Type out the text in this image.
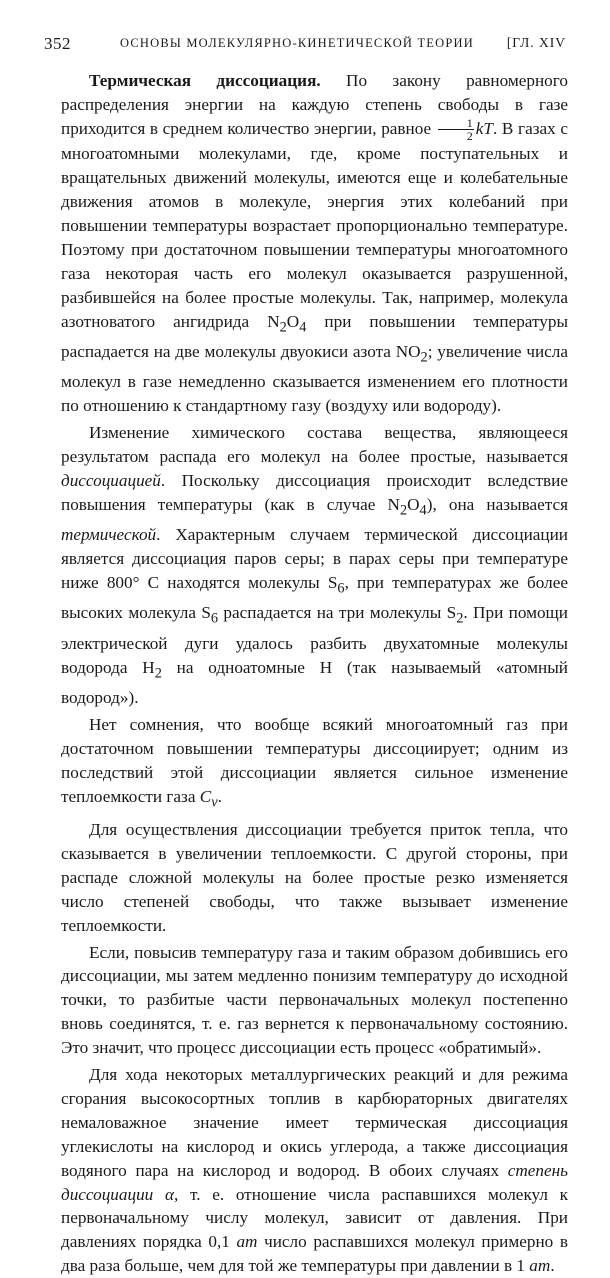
352	ОСНОВЫ МОЛЕКУЛЯРНО-КИНЕТИЧЕСКОЙ ТЕОРИИ [ГЛ. XIV

Термическая диссоциация. По закону равномерного распределения энергии на каждую степень свободы в газе приходится в среднем количество энергии, равное $\frac{1}{2}$ kT. В газах с многоатомными молекулами, где, кроме поступательных и вращательных движений молекулы, имеются еще и колебательные движения атомов в молекуле, энергия этих колебаний при повышении температуры возрастает пропорционально температуре. Поэтому при достаточном повышении температуры многоатомного газа некоторая часть его молекул оказывается разрушенной, разбившейся на более простые молекулы. Так, например, молекула азотноватого ангидрида $N_2O_4$ при повышении температуры распадается на две молекулы двуокиси азота $NO_2$; увеличение числа молекул в газе немедленно сказывается изменением его плотности по отношению к стандартному газу (воздуху или водороду).

Изменение химического состава вещества, являющееся результатом распада его молекул на более простые, называется диссоциацией. Поскольку диссоциация происходит вследствие повышения температуры (как в случае $N_2O_4$), она называется термической. Характерным случаем термической диссоциации является диссоциация паров серы; в парах серы при температуре ниже 800° С находятся молекулы $S_6$, при температурах же более высоких молекула $S_6$ распадается на три молекулы $S_2$. При помощи электрической дуги удалось разбить двухатомные молекулы водорода $H_2$ на одноатомные H (так называемый «атомный водород»).

Нет сомнения, что вообще всякий многоатомный газ при достаточном повышении температуры диссоциирует; одним из последствий этой диссоциации является сильное изменение теплоемкости газа $C_v$.

Для осуществления диссоциации требуется приток тепла, что сказывается в увеличении теплоемкости. С другой стороны, при распаде сложной молекулы на более простые резко изменяется число степеней свободы, что также вызывает изменение теплоемкости.

Если, повысив температуру газа и таким образом добившись его диссоциации, мы затем медленно понизим температуру до исходной точки, то разбитые части первоначальных молекул постепенно вновь соединятся, т. е. газ вернется к первоначальному состоянию. Это значит, что процесс диссоциации есть процесс «обратимый».

Для хода некоторых металлургических реакций и для режима сгорания высокосортных топлив в карбюраторных двигателях немаловажное значение имеет термическая диссоциация углекислоты на кислород и окись углерода, а также диссоциация водяного пара на кислород и водород. В обоих случаях степень диссоциации α, т. е. отношение числа распавшихся молекул к первоначальному числу молекул, зависит от давления. При давлениях порядка 0,1 am число распавшихся молекул примерно в два раза больше, чем для той же температуры при давлении в 1 am.
